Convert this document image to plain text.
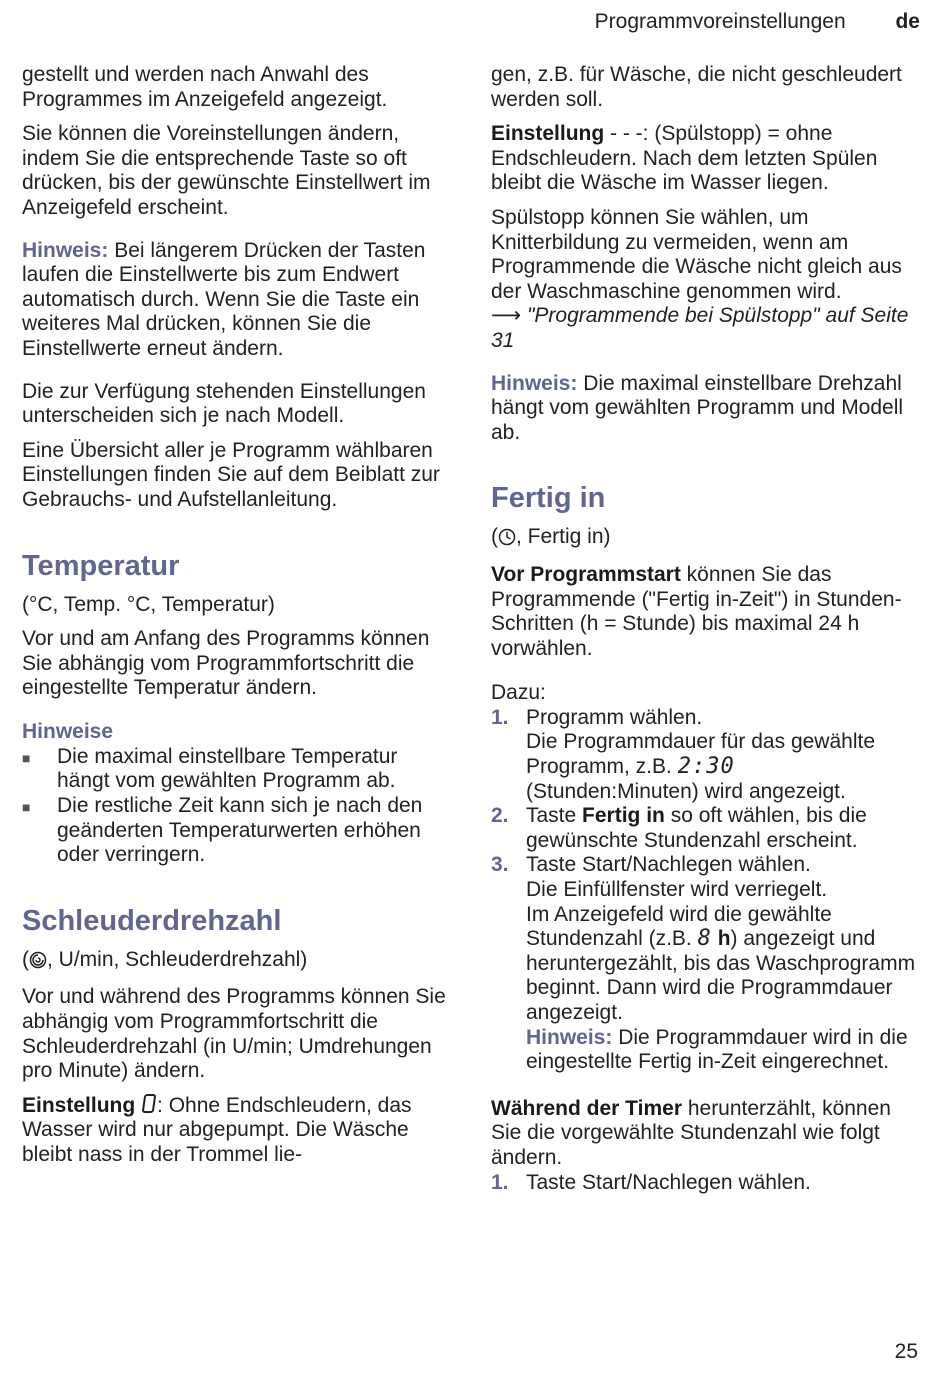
Programmvoreinstellungen de

gestellt und werden nach Anwahl des Programmes im Anzeigefeld angezeigt.

Sie können die Voreinstellungen ändern, indem Sie die entsprechende Taste so oft drücken, bis der gewünschte Einstellwert im Anzeigefeld erscheint.

Hinweis: Bei längerem Drücken der Tasten laufen die Einstellwerte bis zum Endwert automatisch durch. Wenn Sie die Taste ein weiteres Mal drücken, können Sie die Einstellwerte erneut ändern.

Die zur Verfügung stehenden Einstellungen unterscheiden sich je nach Modell.

Eine Übersicht aller je Programm wählbaren Einstellungen finden Sie auf dem Beiblatt zur Gebrauchs- und Aufstellanleitung.

Temperatur

(°C, Temp. °C, Temperatur)

Vor und am Anfang des Programms können Sie abhängig vom Programmfortschritt die eingestellte Temperatur ändern.

Hinweise
■ Die maximal einstellbare Temperatur hängt vom gewählten Programm ab.
■ Die restliche Zeit kann sich je nach den geänderten Temperaturwerten erhöhen oder verringern.
Schleuderdrehzahl

( , U/min, Schleuderdrehzahl)

Vor und während des Programms können Sie abhängig vom Programmfortschritt die Schleuderdrehzahl (in U/min; Umdrehungen pro Minute) ändern.

Einstellung : Ohne Endschleudern, das Wasser wird nur abgepumpt. Die Wäsche bleibt nass in der Trommel lie-

gen, z.B. für Wäsche, die nicht geschleudert werden soll.

Einstellung - - -: (Spülstopp) = ohne Endschleudern. Nach dem letzten Spülen bleibt die Wäsche im Wasser liegen.

Spülstopp können Sie wählen, um Knitterbildung zu vermeiden, wenn am Programmende die Wäsche nicht gleich aus der Waschmaschine genommen wird.

⟶ "Programmende bei Spülstopp" auf Seite 31

Hinweis: Die maximal einstellbare Drehzahl hängt vom gewählten Programm und Modell ab.

Fertig in

( , Fertig in)

Vor Programmstart können Sie das Programmende ("Fertig in-Zeit") in Stunden-Schritten (h = Stunde) bis maximal 24 h vorwählen.

Dazu:

1. Programm wählen.
Die Programmdauer für das gewählte Programm, z.B. 2:30
(Stunden:Minuten) wird angezeigt.
2. Taste Fertig in so oft wählen, bis die gewünschte Stundenzahl erscheint.
3. Taste Start/Nachlegen wählen.
Die Einfüllfenster wird verriegelt.
Im Anzeigefeld wird die gewählte Stundenzahl (z.B. 8 h) angezeigt und heruntergezählt, bis das Waschprogramm beginnt. Dann wird die Programmdauer angezeigt.
Hinweis: Die Programmdauer wird in die eingestellte Fertig in-Zeit eingerechnet.

Während der Timer herunterzählt, können Sie die vorgewählte Stundenzahl wie folgt ändern.

1. Taste Start/Nachlegen wählen.
25
